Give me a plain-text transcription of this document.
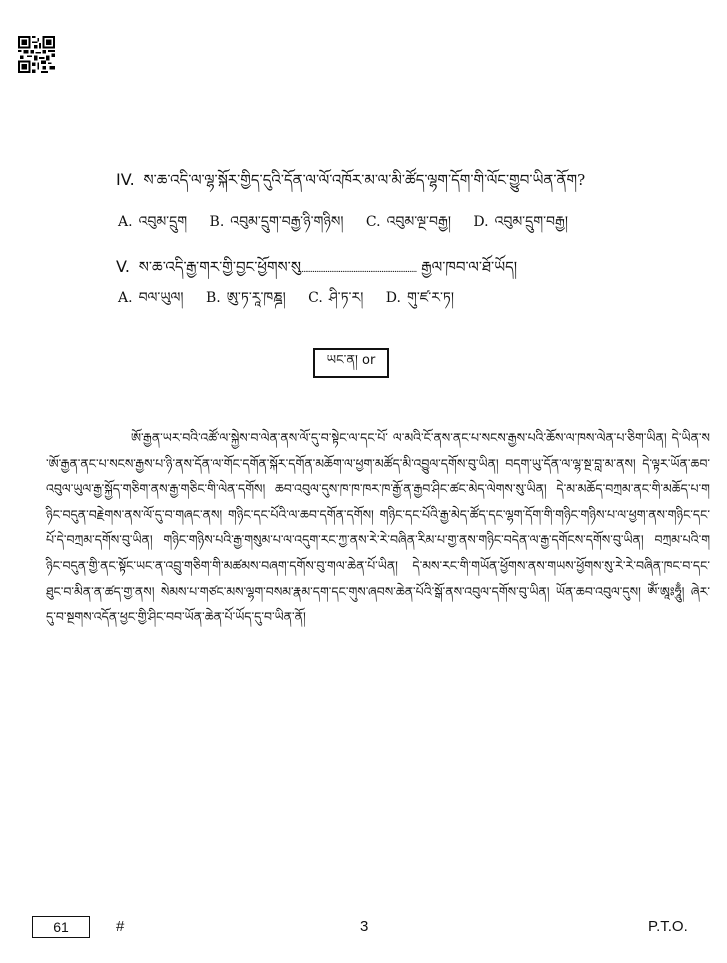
IV. ས་ཆ་འདི་ལ་ལྷ་སྐོར་གྱིད་དུའི་དོན་ལ་ལོ་འཁོར་མ་ལ་མི་ཚོད་ལྷག་དོག་གི་ལོང་གྱུབ་ཡིན་ནོག?
A. འབུམ་དྲུག B. འབུམ་དྲུག་བརྒྱ་ཉི་གཉིས། C. འབུམ་ལྔ་བརྒྱ། D. འབུམ་དྲུག་བརྒྱ།
V. ས་ཆ་འདི་རྒྱ་གར་གྱི་བྱང་ཕྱོགས་སུ.............................................................. རྒྱལ་ཁབ་ལ་ཐོ་ཡོད།
A. བལ་ཡུལ། B. ཨུ་ཏ་རཱ་ཁཎྜ། C. ཤི་ཏ་ར། D. གུ་ཛ་ར་ཏ།
ཡང་ན། or
ཨོ་རྒྱན་ཡར་བའི་འཚོ་ལ་སྐྱེས་བ་ལེན་ནས་ལོ་དུ་བ་སྟེང་ལ་དང་པོ་ ལ་མའི་ངོ་ནས་ནང་པ་སངས་རྒྱས་པའི་ཆོས་ལ་ཁས་ལེན་པ་ཅིག་ཡིན། དེ་ཡིན་ས་ཨོ་རྒྱན་ནང་པ་སངས་རྒྱས་པ་ཉི་ནས་དོན་ལ་གོང་དགོན་སྐོར་དགོན་མཆོག་ལ་ཕྱག་མཚོད་མི་འབྱུལ་དགོས་བུ་ཡིན། བདག་ཡུ་དོན་ལ་ལྷ་སྔ་བླ་མ་ནས། དེ་ལྟར་ཡོན་ཆབ་འབུལ་ཡུལ་རྒྱ་སྐྱོད་གཅིག་ནས་རྒྱ་གཅིང་གི་ལེན་དགོས། ཆབ་འབུལ་དུས་ཁ་ཁ་ཁར་ཁ་རྒྱོ་ན་རྒྱབ་ཤིང་ཚང་མེད་ལེགས་སུ་ཡིན། དེ་མ་མཆོད་བཀྲམ་ནང་གི་མཆོད་པ་གཉིང་བདུན་བརྗེགས་ནས་ལོ་དུ་བ་གཞང་ནས། གཉིང་དང་པོའི་ལ་ཆབ་དགོན་དགོས། གཉིང་དང་པོའི་རྒྱ་མེད་ཚོད་དང་ལྷག་དོག་གི་གཉིང་གཉིས་པ་ལ་ཕྱག་ནས་གཉིང་དང་པོ་དེ་བཀྲམ་དགོས་བུ་ཡིན། གཉིང་གཉིས་པའི་རྒྱ་གསུམ་པ་ལ་འདུག་རང་ཀྱ་ནས་རེ་རེ་བཞིན་རིམ་པ་གྱ་ནས་གཉིང་བདེན་ལ་རྒྱ་དགོངས་དགོས་བུ་ཡིན། བཀྲམ་པའི་གཉིང་བདུན་གྱི་ནང་སྟོང་ཡང་ན་འབྲུ་གཅིག་གི་མཚམས་བཞག་དགོས་བུ་གལ་ཆེན་པོ་ཡིན། དེ་མས་རང་གི་གཡོན་ཕྱོགས་ནས་གཡས་ཕྱོགས་སུ་རེ་རེ་བཞིན་ཁང་བ་དང་ཐུང་བ་མིན་ན་ཚད་གྱ་ནས། སེམས་པ་གཙང་མས་ལྷག་བསམ་རྣམ་དག་དང་གུས་ཞབས་ཆེན་པོའི་སྒོ་ནས་འབུལ་དགོས་བུ་ཡིན། ཡོན་ཆབ་འབུལ་དུས། ཨོཾ་ཨཱཿཧཱུྃ། ཞེར་དུ་བ་སྔགས་འདོན་ཕྱང་གྱི་ཤིང་བབ་ཡོན་ཆེན་པོ་ཡོད་དུ་བ་ཡིན་ནོ།
61	#	3	P.T.O.
